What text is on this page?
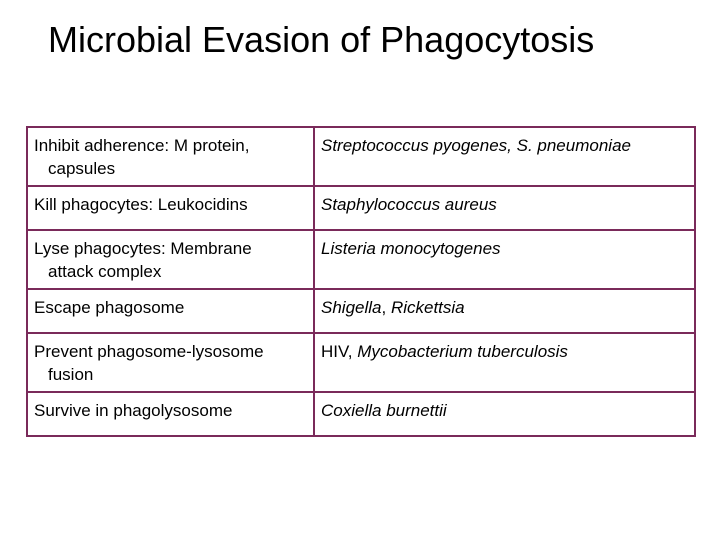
Microbial Evasion of Phagocytosis
Inhibit adherence: M protein,
capsules	Streptococcus pyogenes, S. pneumoniae

Kill phagocytes: Leukocidins	Staphylococcus aureus

Lyse phagocytes: Membrane
attack complex	Listeria monocytogenes

Escape phagosome	Shigella, Rickettsia

Prevent phagosome-lysosome
fusion	HIV, Mycobacterium tuberculosis

Survive in phagolysosome	Coxiella burnettii
